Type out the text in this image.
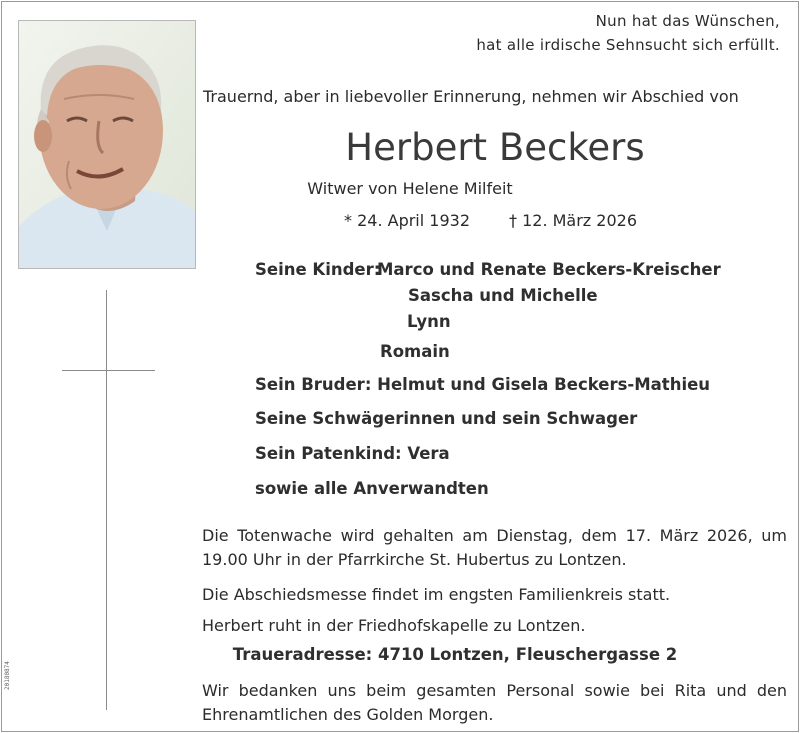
Nun hat das Wünschen,
hat alle irdische Sehnsucht sich erfüllt.
Trauernd, aber in liebevoller Erinnerung, nehmen wir Abschied von
Herbert Beckers
Witwer von Helene Milfeit
* 24. April 1932 † 12. März 2026
Seine Kinder:
Marco und Renate Beckers-Kreischer
Sascha und Michelle
Lynn
Romain
Sein Bruder: Helmut und Gisela Beckers-Mathieu
Seine Schwägerinnen und sein Schwager
Sein Patenkind: Vera
sowie alle Anverwandten
Die Totenwache wird gehalten am Dienstag, dem 17. März 2026, um 19.00 Uhr in der Pfarrkirche St. Hubertus zu Lontzen.
Die Abschiedsmesse findet im engsten Familienkreis statt.
Herbert ruht in der Friedhofskapelle zu Lontzen.
Traueradresse: 4710 Lontzen, Fleuschergasse 2
Wir bedanken uns beim gesamten Personal sowie bei Rita und den Ehrenamtlichen des Golden Morgen.
20180874
